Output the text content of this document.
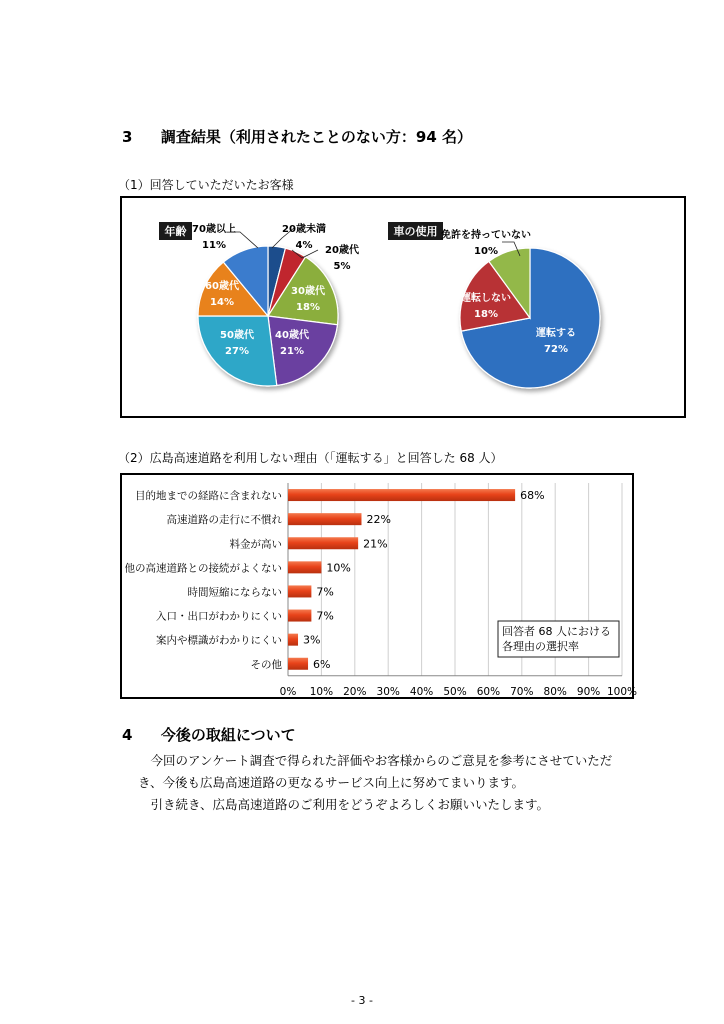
3 調査結果（利用されたことのない方：94 名）
（1）回答していただいたお客様
年齢	車の使用
20歳未満
4% 20歳代
5%
30歳代
18%
40歳代
21%
50歳代
27%
60歳代
14%
70歳以上
11%
運転する
72%
運転しない
18%
免許を持っていない
10%
（2）広島高速道路を利用しない理由（「運転する」と回答した 68 人）
目的地までの経路に含まれない
高速道路の走行に不慣れ
料金が高い
他の高速道路との接続がよくない
時間短縮にならない
入口・出口がわかりにくい
案内や標識がわかりにくい
その他
68%
22%
21%
10%
7%
7%
3%
6%
0% 10% 20% 30% 40% 50% 60% 70% 80% 90% 100%
回答者 68 人における
各理由の選択率
4 今後の取組について

　今回のアンケート調査で得られた評価やお客様からのご意見を参考にさせていただ

き、今後も広島高速道路の更なるサービス向上に努めてまいります。

　引き続き、広島高速道路のご利用をどうぞよろしくお願いいたします。

- 3 -
